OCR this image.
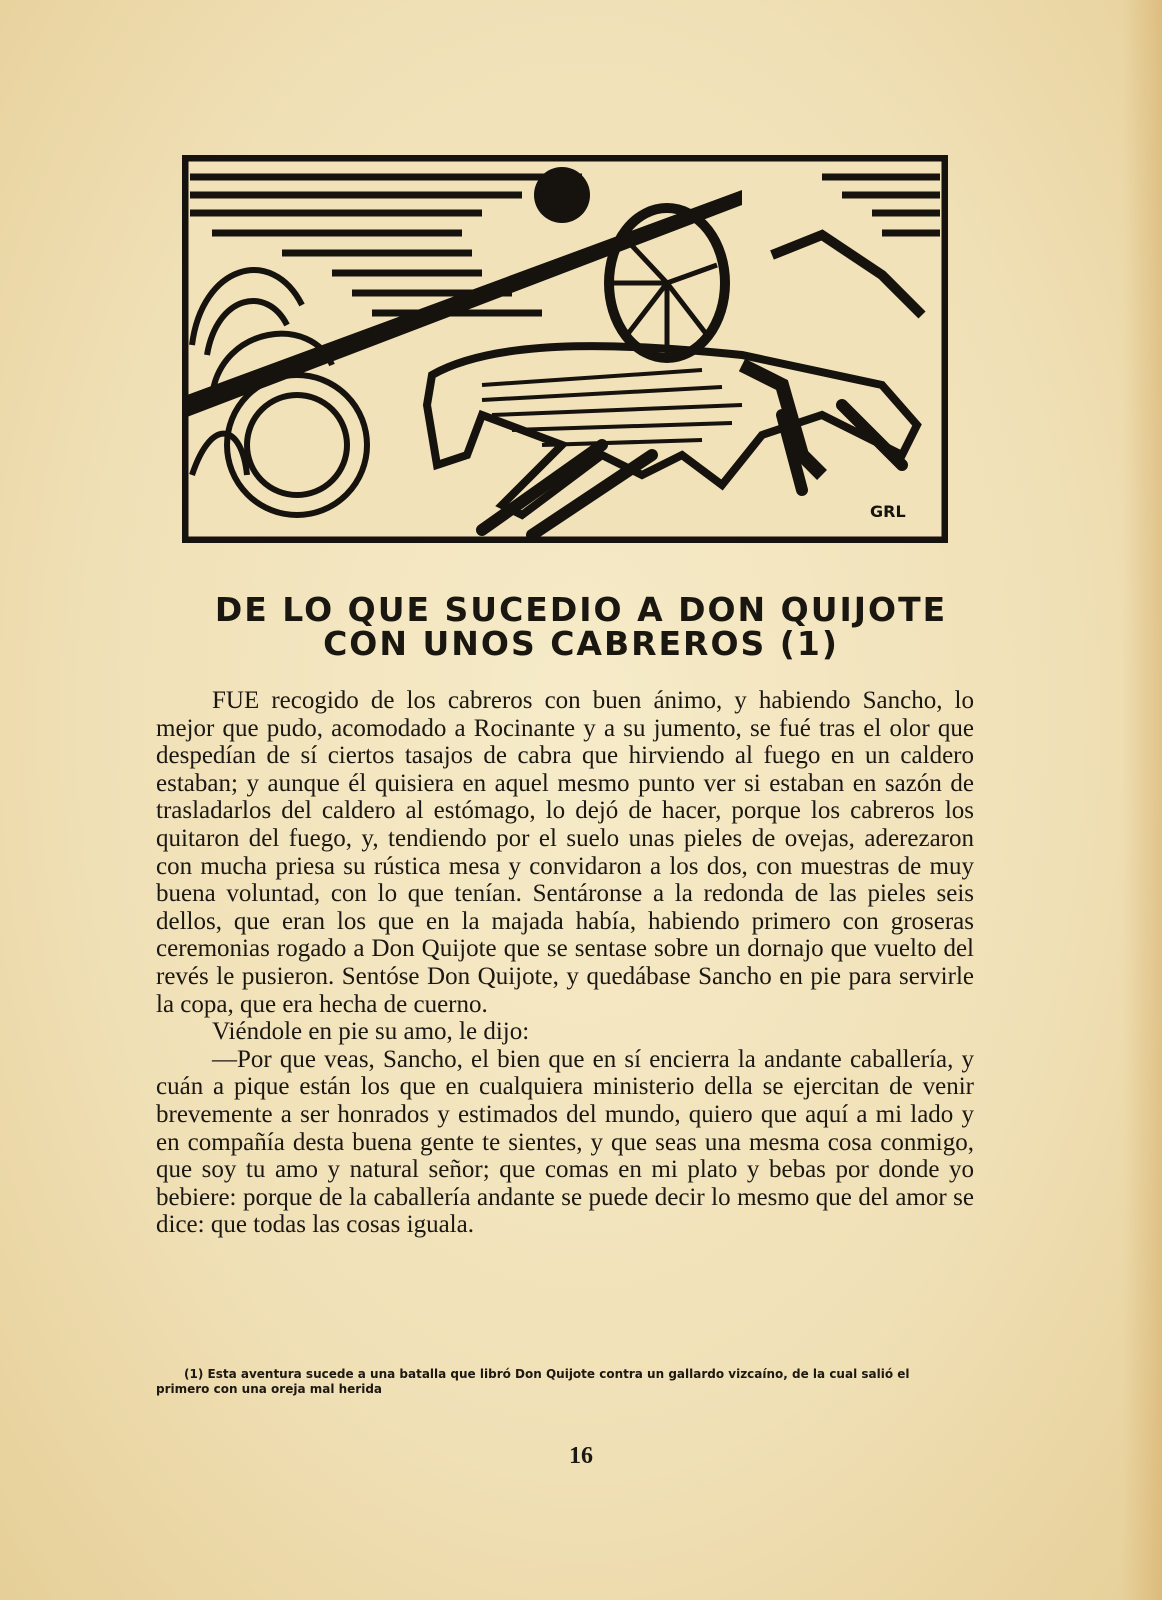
GRL
DE LO QUE SUCEDIO A DON QUIJOTE
CON UNOS CABREROS (1)

FUE recogido de los cabreros con buen ánimo, y habiendo Sancho, lo mejor que pudo, acomodado a Rocinante y a su jumento, se fué tras el olor que despedían de sí ciertos tasajos de cabra que hirviendo al fuego en un caldero estaban; y aunque él quisiera en aquel mesmo punto ver si estaban en sazón de trasladarlos del caldero al estómago, lo dejó de hacer, porque los cabreros los quitaron del fuego, y, tendiendo por el suelo unas pieles de ovejas, aderezaron con mucha priesa su rústica mesa y convidaron a los dos, con muestras de muy buena voluntad, con lo que tenían. Sentáronse a la redonda de las pieles seis dellos, que eran los que en la majada había, habiendo primero con groseras ceremonias rogado a Don Quijote que se sentase sobre un dornajo que vuelto del revés le pusieron. Sentóse Don Quijote, y quedábase Sancho en pie para servirle la copa, que era hecha de cuerno.

Viéndole en pie su amo, le dijo:

—Por que veas, Sancho, el bien que en sí encierra la andante caballería, y cuán a pique están los que en cualquiera ministerio della se ejercitan de venir brevemente a ser honrados y estimados del mundo, quiero que aquí a mi lado y en compañía desta buena gente te sientes, y que seas una mesma cosa conmigo, que soy tu amo y natural señor; que comas en mi plato y bebas por donde yo bebiere: porque de la caballería andante se puede decir lo mesmo que del amor se dice: que todas las cosas iguala.

(1) Esta aventura sucede a una batalla que libró Don Quijote contra un gallardo vizcaíno, de la cual salió el
primero con una oreja mal herida
16
